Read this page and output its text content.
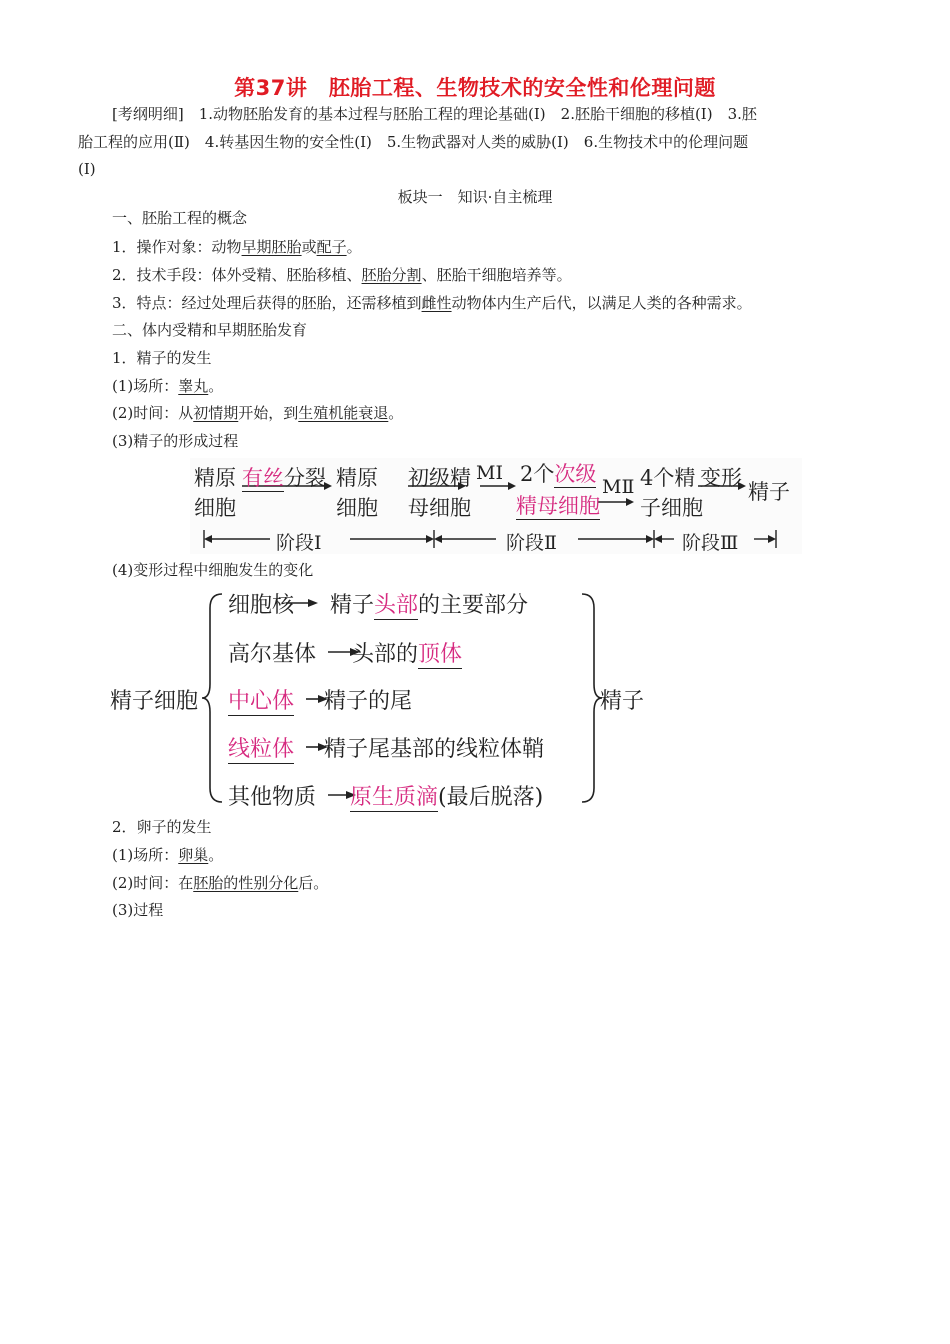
第37讲　胚胎工程、生物技术的安全性和伦理问题
[考纲明细]　1.动物胚胎发育的基本过程与胚胎工程的理论基础(Ⅰ)　2.胚胎干细胞的移植(Ⅰ)　3.胚
胎工程的应用(Ⅱ)　4.转基因生物的安全性(Ⅰ)　5.生物武器对人类的威胁(Ⅰ)　6.生物技术中的伦理问题
(Ⅰ)
板块一　知识·自主梳理
一、胚胎工程的概念
1．操作对象：动物早期胚胎或配子。
2．技术手段：体外受精、胚胎移植、胚胎分割、胚胎干细胞培养等。
3．特点：经过处理后获得的胚胎，还需移植到雌性动物体内生产后代，以满足人类的各种需求。
二、体内受精和早期胚胎发育
1．精子的发生
(1)场所：睾丸。
(2)时间：从初情期开始，到生殖机能衰退。
(3)精子的形成过程
精原
细胞
有丝分裂 精原
细胞
初级精
母细胞
MⅠ 2个次级
精母细胞
MⅡ 4个精
子细胞
变形
精子
阶段Ⅰ	阶段Ⅱ	阶段Ⅲ
(4)变形过程中细胞发生的变化
精子细胞	精子
细胞核 精子头部的主要部分
高尔基体 头部的顶体
中心体 精子的尾
线粒体 精子尾基部的线粒体鞘
其他物质 原生质滴(最后脱落)
2．卵子的发生
(1)场所：卵巢。
(2)时间：在胚胎的性别分化后。
(3)过程
